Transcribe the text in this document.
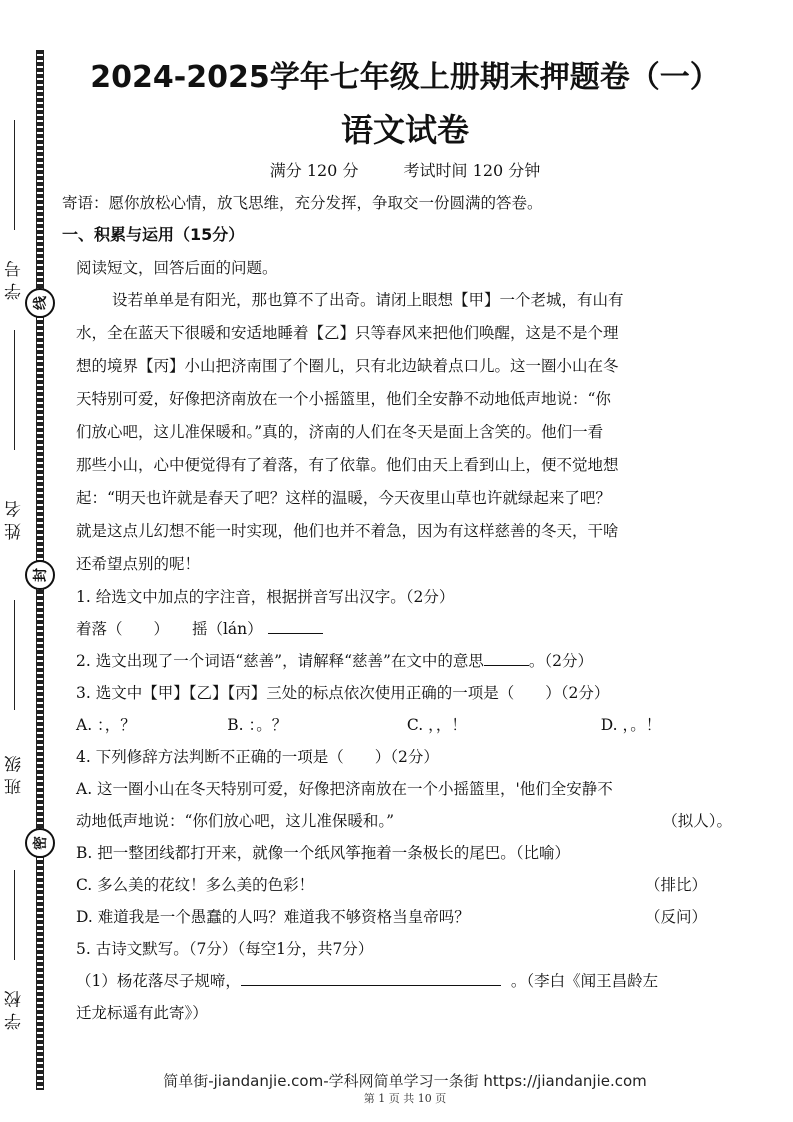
学 号
线
姓 名
封
班 级
密
学 校
2024-2025学年七年级上册期末押题卷（一）
语文试卷
满分 120 分	考试时间 120 分钟
寄语：愿你放松心情，放飞思维，充分发挥，争取交一份圆满的答卷。
一、积累与运用（15分）
阅读短文，回答后面的问题。
设若单单是有阳光，那也算不了出奇。请闭上眼想【甲】一个老城，有山有
水，全在蓝天下很暖和安适地睡着【乙】只等春风来把他们唤醒，这是不是个理
想的境界【丙】小山把济南围了个圈儿，只有北边缺着点口儿。这一圈小山在冬
天特别可爱，好像把济南放在一个小摇篮里，他们全安静不动地低声地说：“你
们放心吧，这儿准保暖和。”真的，济南的人们在冬天是面上含笑的。他们一看
那些小山，心中便觉得有了着落，有了依靠。他们由天上看到山上，便不觉地想
起：“明天也许就是春天了吧？这样的温暖，今天夜里山草也许就绿起来了吧？
就是这点儿幻想不能一时实现，他们也并不着急，因为有这样慈善的冬天，干啥
还希望点别的呢！
1. 给选文中加点的字注音，根据拼音写出汉字。（2分）
着落（　　） 摇（lán）
2. 选文出现了一个词语“慈善”，请解释“慈善”在文中的意思	。（2分）
3. 选文中【甲】【乙】【丙】三处的标点依次使用正确的一项是（　　）（2分）
A. ：，？	B. ：。？	C. ，，！	D. ，。！
4. 下列修辞方法判断不正确的一项是（　　）（2分）
A. 这一圈小山在冬天特别可爱，好像把济南放在一个小摇篮里，'他们全安静不
动地低声地说：“你们放心吧，这儿准保暖和。”	（拟人）。
B. 把一整团线都打开来，就像一个纸风筝拖着一条极长的尾巴。（比喻）
C. 多么美的花纹！多么美的色彩！	（排比）
D. 难道我是一个愚蠢的人吗？难道我不够资格当皇帝吗？	（反问）
5. 古诗文默写。（7分）（每空1分，共7分）
（1）杨花落尽子规啼，	。（李白《闻王昌龄左
迁龙标遥有此寄》）
简单街-jiandanjie.com-学科网简单学习一条街 https://jiandanjie.com
第 1 页 共 10 页
